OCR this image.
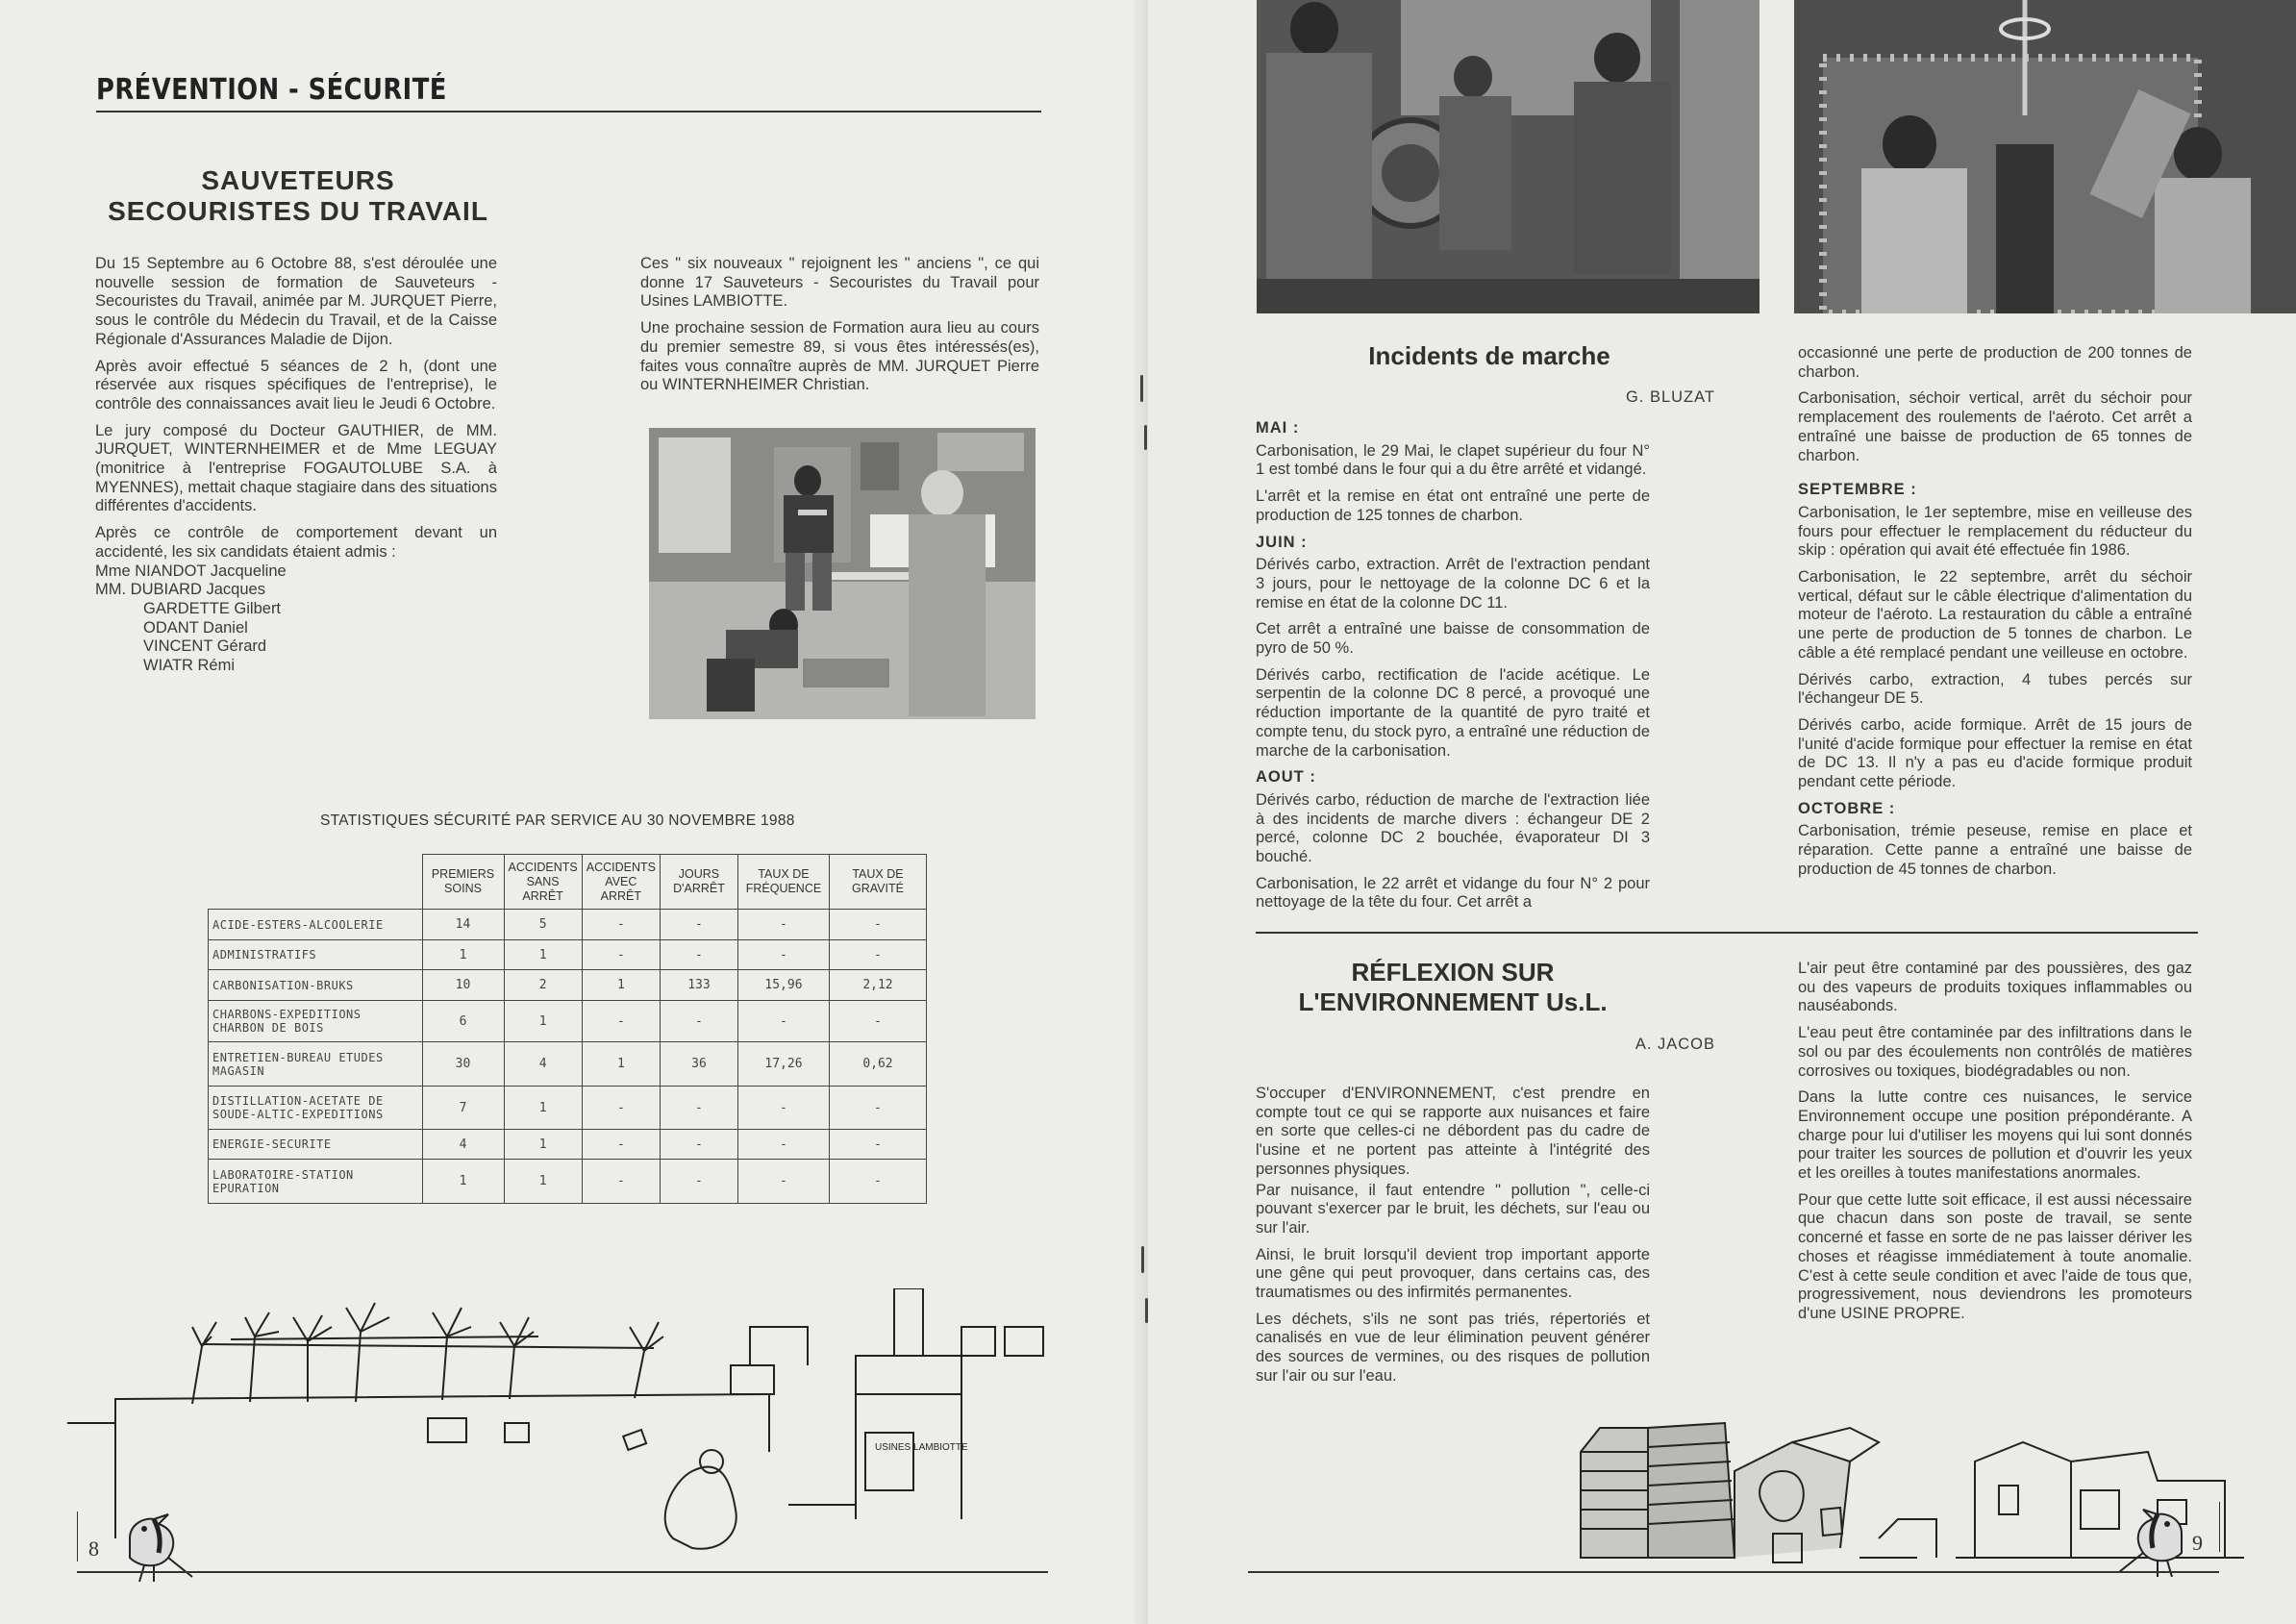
PRÉVENTION - SÉCURITÉ
SAUVETEURS
SECOURISTES DU TRAVAIL

Du 15 Septembre au 6 Octobre 88, s'est déroulée une nouvelle session de formation de Sauveteurs - Secouristes du Travail, animée par M. JURQUET Pierre, sous le contrôle du Médecin du Travail, et de la Caisse Régionale d'Assurances Maladie de Dijon.

Après avoir effectué 5 séances de 2 h, (dont une réservée aux risques spécifiques de l'entreprise), le contrôle des connaissances avait lieu le Jeudi 6 Octobre.

Le jury composé du Docteur GAUTHIER, de MM. JURQUET, WINTERNHEIMER et de Mme LEGUAY (monitrice à l'entreprise FOGAUTOLUBE S.A. à MYENNES), mettait chaque stagiaire dans des situations différentes d'accidents.

Après ce contrôle de comportement devant un accidenté, les six candidats étaient admis :

Mme NIANDOT Jacqueline
MM. DUBIARD Jacques
GARDETTE Gilbert
ODANT Daniel
VINCENT Gérard
WIATR Rémi

Ces " six nouveaux " rejoignent les " anciens ", ce qui donne 17 Sauveteurs - Secouristes du Travail pour Usines LAMBIOTTE.

Une prochaine session de Formation aura lieu au cours du premier semestre 89, si vous êtes intéressés(es), faites vous connaître auprès de MM. JURQUET Pierre ou WINTERNHEIMER Christian.

STATISTIQUES SÉCURITÉ PAR SERVICE AU 30 NOVEMBRE 1988
	PREMIERS SOINS	ACCIDENTS SANS ARRÊT	ACCIDENTS AVEC ARRÊT	JOURS D'ARRÊT	TAUX DE FRÉQUENCE	TAUX DE GRAVITÉ
ACIDE-ESTERS-ALCOOLERIE	14	5	-	-	-	-
ADMINISTRATIFS	1	1	-	-	-	-
CARBONISATION-BRUKS	10	2	1	133	15,96	2,12
CHARBONS-EXPEDITIONS CHARBON DE BOIS	6	1	-	-	-	-
ENTRETIEN-BUREAU ETUDES MAGASIN	30	4	1	36	17,26	0,62
DISTILLATION-ACETATE DE SOUDE-ALTIC-EXPEDITIONS	7	1	-	-	-	-
ENERGIE-SECURITE	4	1	-	-	-	-
LABORATOIRE-STATION EPURATION	1	1	-	-	-	-
USINES LAMBIOTTE
8
Incidents de marche
G. BLUZAT
MAI :

Carbonisation, le 29 Mai, le clapet supérieur du four N° 1 est tombé dans le four qui a du être arrêté et vidangé.

L'arrêt et la remise en état ont entraîné une perte de production de 125 tonnes de charbon.

JUIN :

Dérivés carbo, extraction. Arrêt de l'extraction pendant 3 jours, pour le nettoyage de la colonne DC 6 et la remise en état de la colonne DC 11.

Cet arrêt a entraîné une baisse de consommation de pyro de 50 %.

Dérivés carbo, rectification de l'acide acétique. Le serpentin de la colonne DC 8 percé, a provoqué une réduction importante de la quantité de pyro traité et compte tenu, du stock pyro, a entraîné une réduction de marche de la carbonisation.

AOUT :

Dérivés carbo, réduction de marche de l'extraction liée à des incidents de marche divers : échangeur DE 2 percé, colonne DC 2 bouchée, évaporateur DI 3 bouché.

Carbonisation, le 22 arrêt et vidange du four N° 2 pour nettoyage de la tête du four. Cet arrêt a

occasionné une perte de production de 200 tonnes de charbon.

Carbonisation, séchoir vertical, arrêt du séchoir pour remplacement des roulements de l'aéroto. Cet arrêt a entraîné une baisse de production de 65 tonnes de charbon.

SEPTEMBRE :

Carbonisation, le 1er septembre, mise en veilleuse des fours pour effectuer le remplacement du réducteur du skip : opération qui avait été effectuée fin 1986.

Carbonisation, le 22 septembre, arrêt du séchoir vertical, défaut sur le câble électrique d'alimentation du moteur de l'aéroto. La restauration du câble a entraîné une perte de production de 5 tonnes de charbon. Le câble a été remplacé pendant une veilleuse en octobre.

Dérivés carbo, extraction, 4 tubes percés sur l'échangeur DE 5.

Dérivés carbo, acide formique. Arrêt de 15 jours de l'unité d'acide formique pour effectuer la remise en état de DC 13. Il n'y a pas eu d'acide formique produit pendant cette période.

OCTOBRE :

Carbonisation, trémie peseuse, remise en place et réparation. Cette panne a entraîné une baisse de production de 45 tonnes de charbon.

RÉFLEXION SUR
L'ENVIRONNEMENT Us.L.
A. JACOB

S'occuper d'ENVIRONNEMENT, c'est prendre en compte tout ce qui se rapporte aux nuisances et faire en sorte que celles-ci ne débordent pas du cadre de l'usine et ne portent pas atteinte à l'intégrité des personnes physiques.

Par nuisance, il faut entendre " pollution ", celle-ci pouvant s'exercer par le bruit, les déchets, sur l'eau ou sur l'air.

Ainsi, le bruit lorsqu'il devient trop important apporte une gêne qui peut provoquer, dans certains cas, des traumatismes ou des infirmités permanentes.

Les déchets, s'ils ne sont pas triés, répertoriés et canalisés en vue de leur élimination peuvent générer des sources de vermines, ou des risques de pollution sur l'air ou sur l'eau.

L'air peut être contaminé par des poussières, des gaz ou des vapeurs de produits toxiques inflammables ou nauséabonds.

L'eau peut être contaminée par des infiltrations dans le sol ou par des écoulements non contrôlés de matières corrosives ou toxiques, biodégradables ou non.

Dans la lutte contre ces nuisances, le service Environnement occupe une position prépondérante. A charge pour lui d'utiliser les moyens qui lui sont donnés pour traiter les sources de pollution et d'ouvrir les yeux et les oreilles à toutes manifestations anormales.

Pour que cette lutte soit efficace, il est aussi nécessaire que chacun dans son poste de travail, se sente concerné et fasse en sorte de ne pas laisser dériver les choses et réagisse immédiatement à toute anomalie. C'est à cette seule condition et avec l'aide de tous que, progressivement, nous deviendrons les promoteurs d'une USINE PROPRE.

9
